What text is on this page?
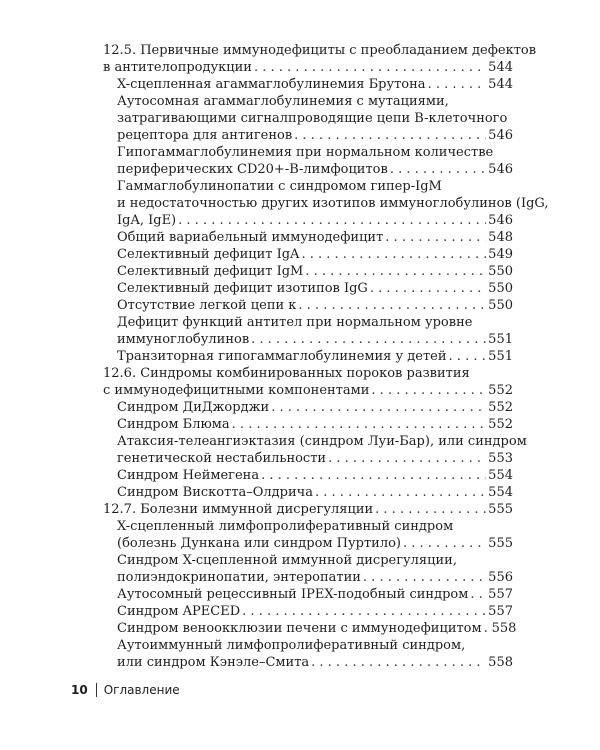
12.5. Первичные иммунодефициты с преобладанием дефектов
в антителопродукции . . .	544
X-сцепленная агаммаглобулинемия Брутона . . .	544
Аутосомная агаммаглобулинемия с мутациями,
затрагивающими сигналпроводящие цепи B-клеточного
рецептора для антигенов . . .	546
Гипогаммаглобулинемия при нормальном количестве
периферических CD20+-B-лимфоцитов . . .	546
Гаммаглобулинопатии с синдромом гипер-IgM
и недостаточностью других изотипов иммуноглобулинов (IgG,
IgA, IgE) . . .	546
Общий вариабельный иммунодефицит . . .	548
Селективный дефицит IgA . . .	549
Селективный дефицит IgM . . .	550
Селективный дефицит изотипов IgG . . .	550
Отсутствие легкой цепи κ . . .	550
Дефицит функций антител при нормальном уровне
иммуноглобулинов . . .	551
Транзиторная гипогаммаглобулинемия у детей . . .	551
12.6. Синдромы комбинированных пороков развития
с иммунодефицитными компонентами . . .	552
Синдром ДиДжорджи . . .	552
Синдром Блюма . . .	552
Атаксия-телеангиэктазия (синдром Луи-Бар), или синдром
генетической нестабильности . . .	553
Синдром Неймегена . . .	554
Синдром Вискотта–Олдрича . . .	554
12.7. Болезни иммунной дисрегуляции . . .	555
X-сцепленный лимфопролиферативный синдром
(болезнь Дункана или синдром Пуртило) . . .	555
Синдром X-сцепленной иммунной дисрегуляции,
полиэндокринопатии, энтеропатии . . .	556
Аутосомный рецессивный IPEX-подобный синдром . . . 557
Синдром APECED . . .	557
Синдром веноокклюзии печени с иммунодефицитом . . . 558
Аутоиммунный лимфопролиферативный синдром,
или синдром Кэнэле–Смита . . .	558
10 Оглавление
